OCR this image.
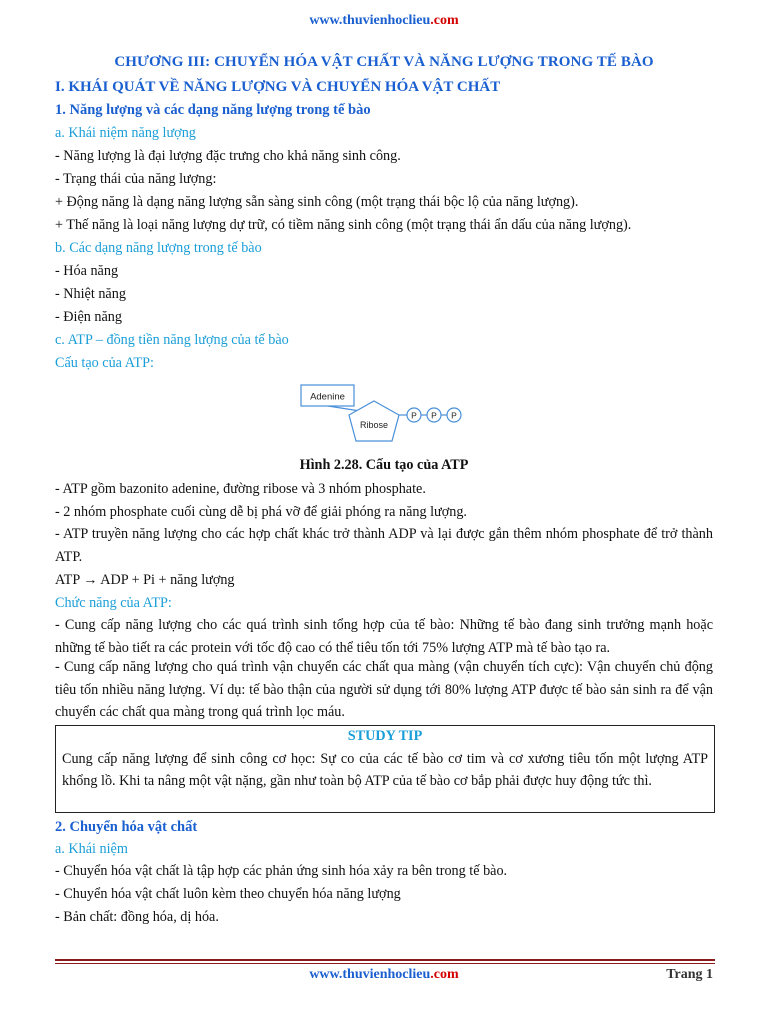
www.thuvienhoclieu.com
CHƯƠNG III: CHUYỂN HÓA VẬT CHẤT VÀ NĂNG LƯỢNG TRONG TẾ BÀO
I. KHÁI QUÁT VỀ NĂNG LƯỢNG VÀ CHUYỂN HÓA VẬT CHẤT
1. Năng lượng và các dạng năng lượng trong tế bào
a. Khái niệm năng lượng
- Năng lượng là đại lượng đặc trưng cho khả năng sinh công.
- Trạng thái của năng lượng:
+ Động năng là dạng năng lượng sẵn sàng sinh công (một trạng thái bộc lộ của năng lượng).
+ Thế năng là loại năng lượng dự trữ, có tiềm năng sinh công (một trạng thái ẩn dấu của năng lượng).
b. Các dạng năng lượng trong tế bào
- Hóa năng
- Nhiệt năng
- Điện năng
c. ATP – đồng tiền năng lượng của tế bào
Cấu tạo của ATP:
Adenine
Ribose
P P P
Hình 2.28. Cấu tạo của ATP
- ATP gồm bazonito adenine, đường ribose và 3 nhóm phosphate.
- 2 nhóm phosphate cuối cùng dễ bị phá vỡ để giải phóng ra năng lượng.
- ATP truyền năng lượng cho các hợp chất khác trở thành ADP và lại được gắn thêm nhóm phosphate để trở thành ATP.
ATP → ADP + Pi + năng lượng
Chức năng của ATP:
- Cung cấp năng lượng cho các quá trình sinh tổng hợp của tế bào: Những tế bào đang sinh trưởng mạnh hoặc những tế bào tiết ra các protein với tốc độ cao có thể tiêu tốn tới 75% lượng ATP mà tế bào tạo ra.
- Cung cấp năng lượng cho quá trình vận chuyển các chất qua màng (vận chuyển tích cực): Vận chuyển chủ động tiêu tốn nhiều năng lượng. Ví dụ: tế bào thận của người sử dụng tới 80% lượng ATP được tế bào sản sinh ra để vận chuyển các chất qua màng trong quá trình lọc máu.
STUDY TIP
Cung cấp năng lượng để sinh công cơ học: Sự co của các tế bào cơ tim và cơ xương tiêu tốn một lượng ATP khổng lồ. Khi ta nâng một vật nặng, gần như toàn bộ ATP của tế bào cơ bắp phải được huy động tức thì.
2. Chuyển hóa vật chất
a. Khái niệm
- Chuyển hóa vật chất là tập hợp các phản ứng sinh hóa xảy ra bên trong tế bào.
- Chuyển hóa vật chất luôn kèm theo chuyển hóa năng lượng
- Bản chất: đồng hóa, dị hóa.
www.thuvienhoclieu.com	Trang 1
